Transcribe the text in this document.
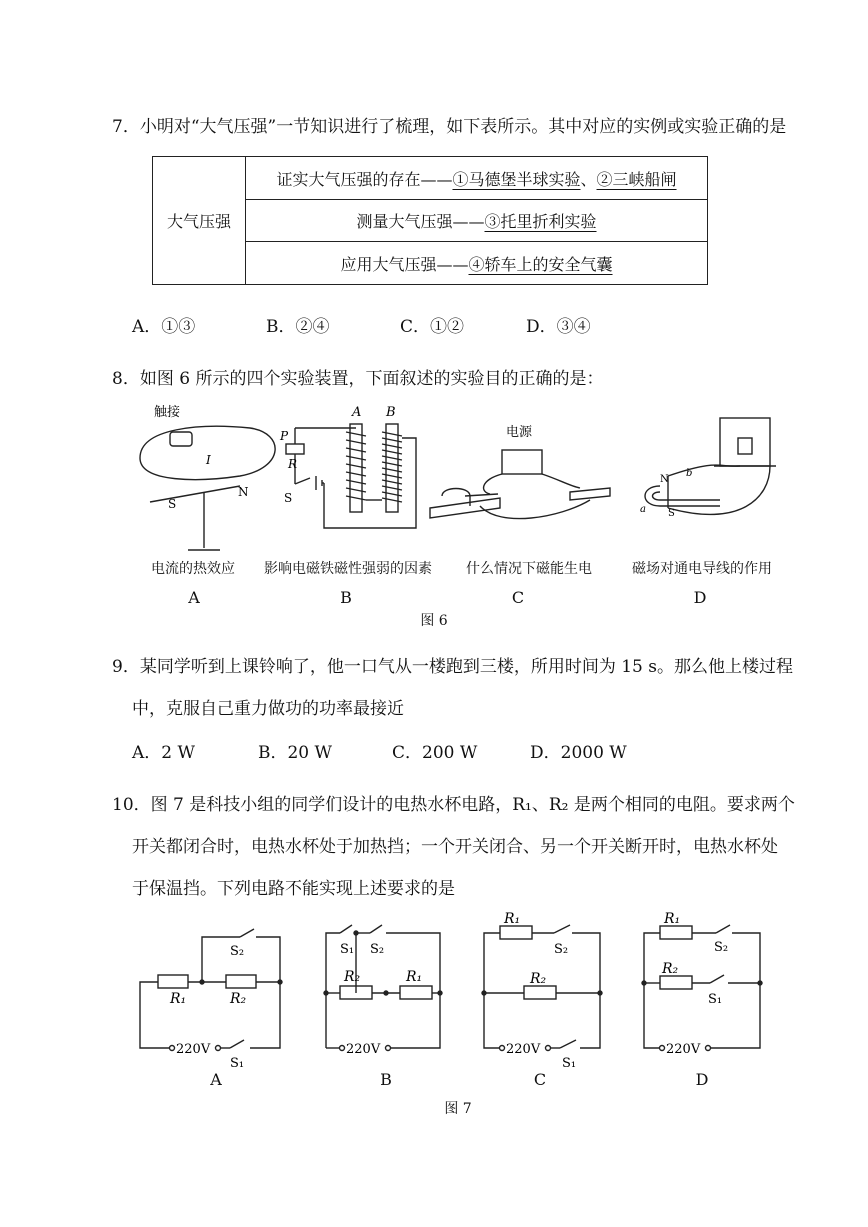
7．小明对“大气压强”一节知识进行了梳理，如下表所示。其中对应的实例或实验正确的是
大气压强	证实大气压强的存在——①马德堡半球实验、②三峡船闸
测量大气压强——③托里折利实验
应用大气压强——④轿车上的安全气囊
A．①③	B．②④	C．①②	D．③④
8．如图 6 所示的四个实验装置，下面叙述的实验目的正确的是：
触接
I
S
N
A B
P
R
S
电源
N
S
a
b
电流的热效应	影响电磁铁磁性强弱的因素	什么情况下磁能生电	磁场对通电导线的作用
A	B	C	D
图 6
9．某同学听到上课铃响了，他一口气从一楼跑到三楼，所用时间为 15 s。那么他上楼过程
中，克服自己重力做功的功率最接近
A．2 W	B．20 W	C．200 W	D．2000 W
10．图 7 是科技小组的同学们设计的电热水杯电路，R₁、R₂ 是两个相同的电阻。要求两个
开关都闭合时，电热水杯处于加热挡；一个开关闭合、另一个开关断开时，电热水杯处
于保温挡。下列电路不能实现上述要求的是
R₁	R₂
S₂
S₁
220V
S₁ S₂
R₂	R₁
220V
R₁
S₂
R₂
S₁
220V
R₁
S₂
R₂
S₁
220V
A	B	C	D
图 7
